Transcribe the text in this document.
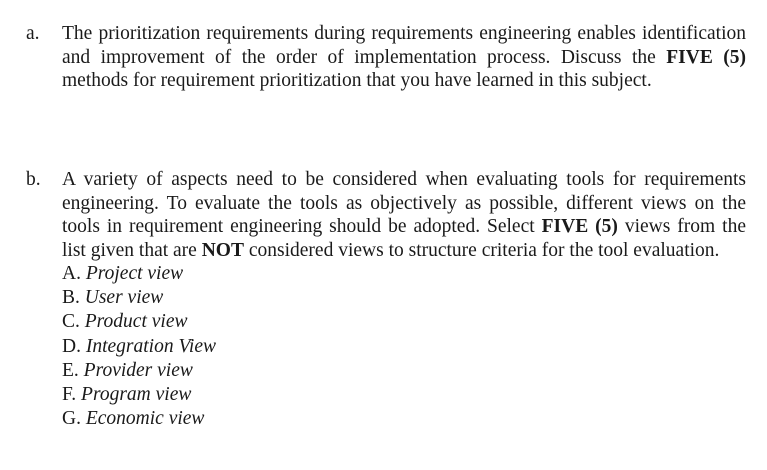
a.	The prioritization requirements during requirements engineering enables identification and improvement of the order of implementation process. Discuss the FIVE (5) methods for requirement prioritization that you have learned in this subject.
b.	A variety of aspects need to be considered when evaluating tools for requirements engineering. To evaluate the tools as objectively as possible, different views on the tools in requirement engineering should be adopted. Select FIVE (5) views from the list given that are NOT considered views to structure criteria for the tool evaluation.
A. Project view
B. User view
C. Product view
D. Integration View
E. Provider view
F. Program view
G. Economic view
